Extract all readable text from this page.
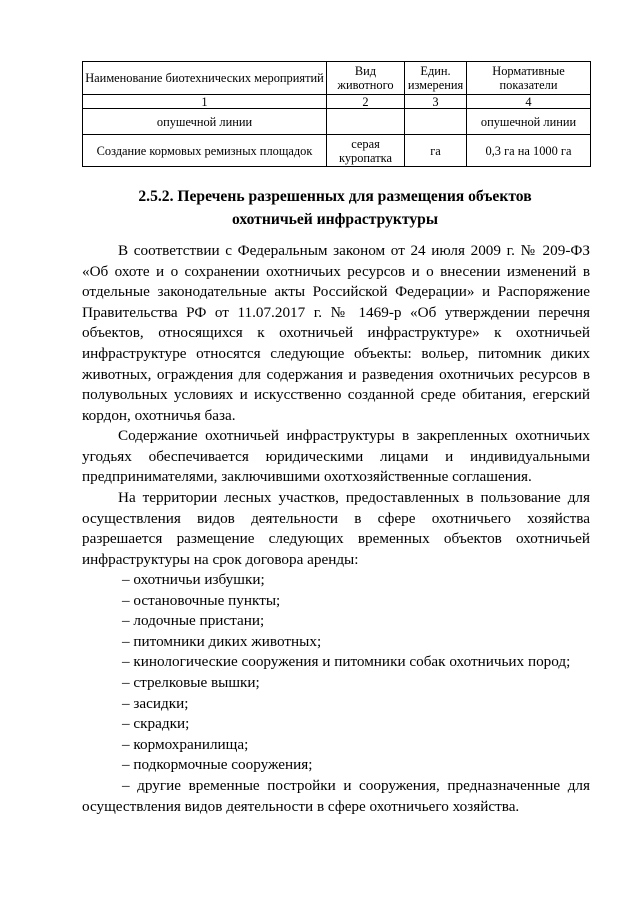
Наименование биотехнических мероприятий	Вид животного	Един. измерения	Нормативные показатели
1	2	3	4
опушечной линии			опушечной линии
Создание кормовых ремизных площадок	серая куропатка	га	0,3 га на 1000 га
2.5.2. Перечень разрешенных для размещения объектов охотничьей инфраструктуры
В соответствии с Федеральным законом от 24 июля 2009 г. № 209-ФЗ «Об охоте и о сохранении охотничьих ресурсов и о внесении изменений в отдельные законодательные акты Российской Федерации» и Распоряжение Правительства РФ от 11.07.2017 г. № 1469-р «Об утверждении перечня объектов, относящихся к охотничьей инфраструктуре» к охотничьей инфраструктуре относятся следующие объекты: вольер, питомник диких животных, ограждения для содержания и разведения охотничьих ресурсов в полувольных условиях и искусственно созданной среде обитания, егерский кордон, охотничья база.
Содержание охотничьей инфраструктуры в закрепленных охотничьих угодьях обеспечивается юридическими лицами и индивидуальными предпринимателями, заключившими охотхозяйственные соглашения.
На территории лесных участков, предоставленных в пользование для осуществления видов деятельности в сфере охотничьего хозяйства разрешается размещение следующих временных объектов охотничьей инфраструктуры на срок договора аренды:
– охотничьи избушки;
– остановочные пункты;
– лодочные пристани;
– питомники диких животных;
– кинологические сооружения и питомники собак охотничьих пород;
– стрелковые вышки;
– засидки;
– скрадки;
– кормохранилища;
– подкормочные сооружения;
– другие временные постройки и сооружения, предназначенные для осуществления видов деятельности в сфере охотничьего хозяйства.
